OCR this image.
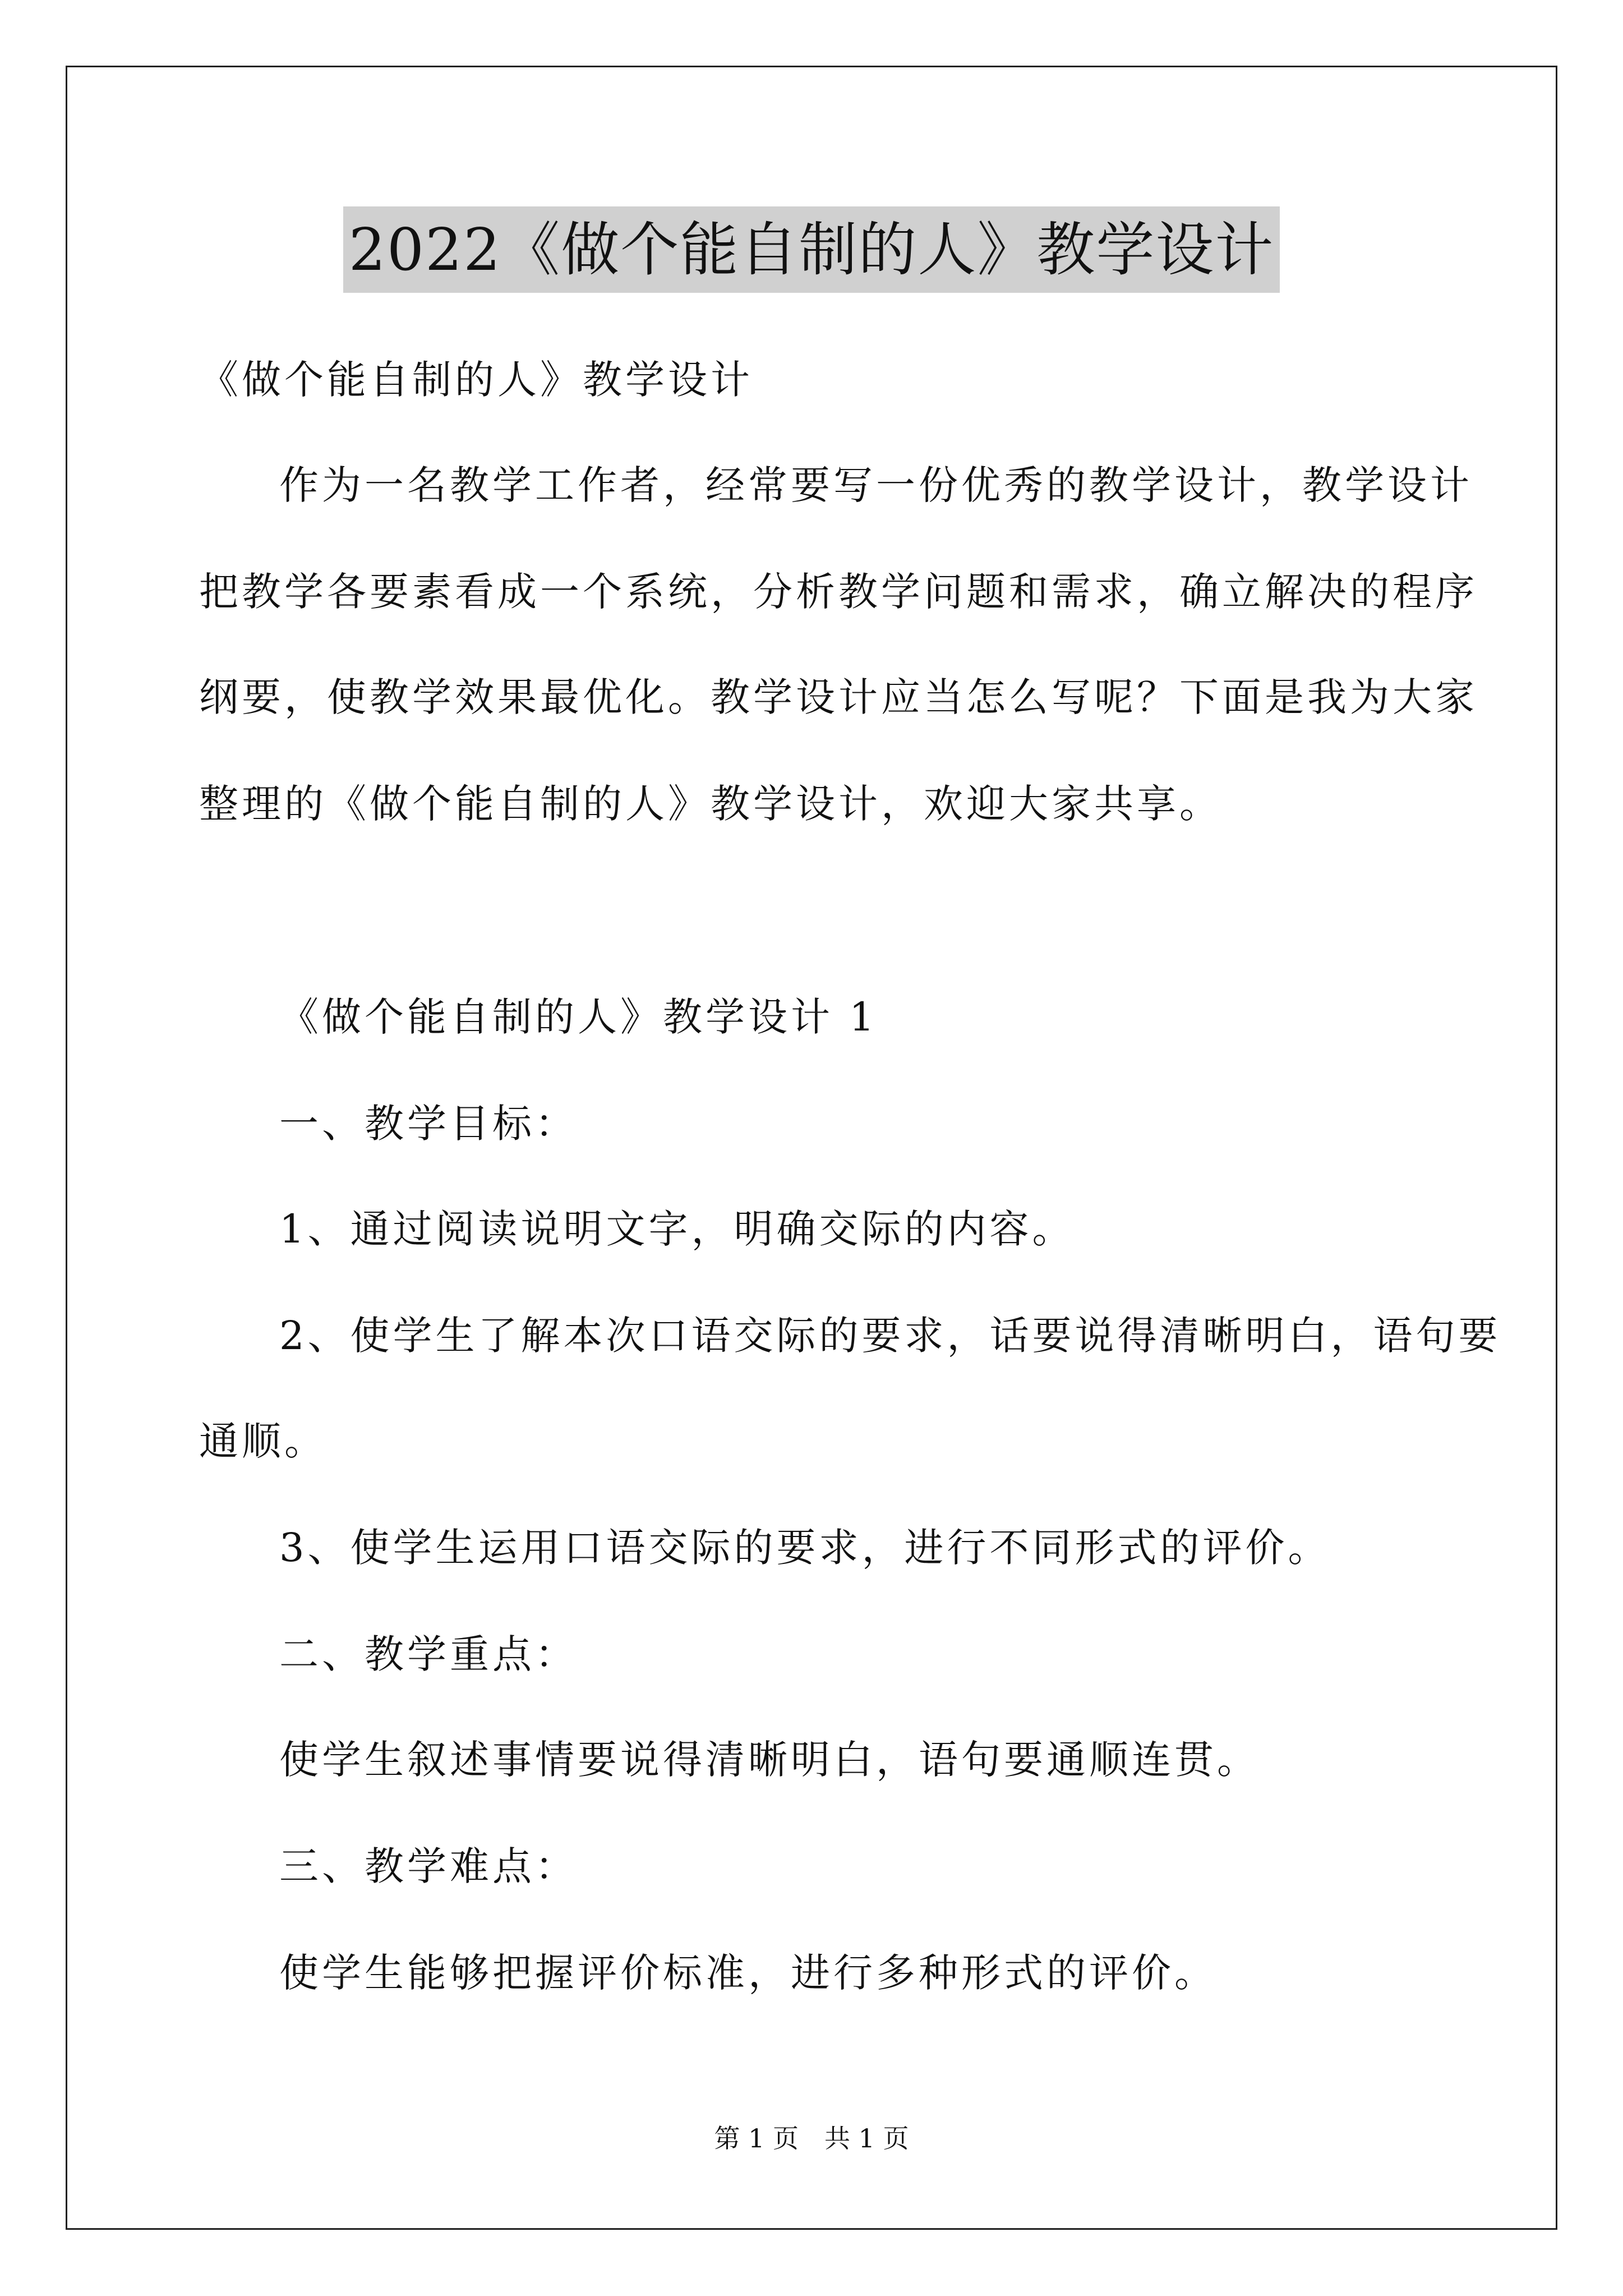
2022《做个能自制的人》教学设计
《做个能自制的人》教学设计
作为一名教学工作者，经常要写一份优秀的教学设计，教学设计
把教学各要素看成一个系统，分析教学问题和需求，确立解决的程序
纲要，使教学效果最优化。教学设计应当怎么写呢？下面是我为大家
整理的《做个能自制的人》教学设计，欢迎大家共享。
《做个能自制的人》教学设计 1
一、教学目标：
1、通过阅读说明文字，明确交际的内容。
2、使学生了解本次口语交际的要求，话要说得清晰明白，语句要
通顺。
3、使学生运用口语交际的要求，进行不同形式的评价。
二、教学重点：
使学生叙述事情要说得清晰明白，语句要通顺连贯。
三、教学难点：
使学生能够把握评价标准，进行多种形式的评价。
第 1 页　共 1 页
